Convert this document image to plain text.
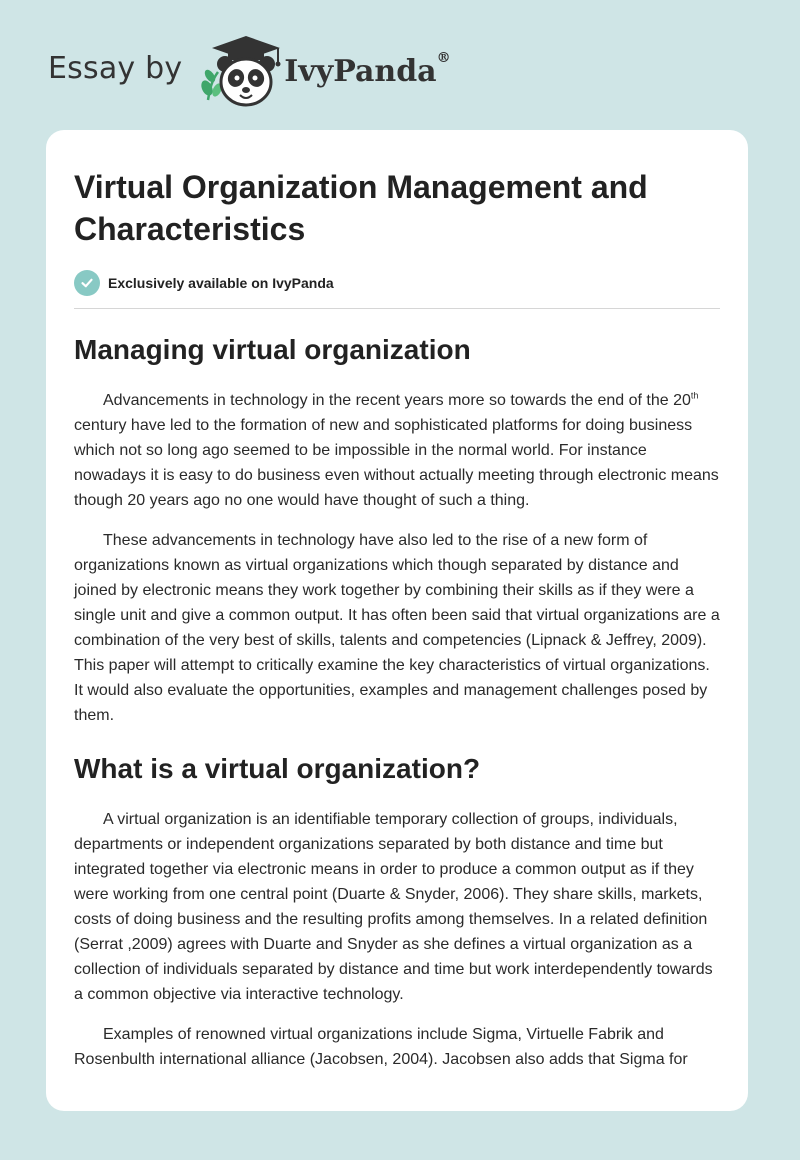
Essay by	IvyPanda®
Virtual Organization Management and Characteristics
Exclusively available on IvyPanda
Managing virtual organization

Advancements in technology in the recent years more so towards the end of the 20th century have led to the formation of new and sophisticated platforms for doing business which not so long ago seemed to be impossible in the normal world. For instance nowadays it is easy to do business even without actually meeting through electronic means though 20 years ago no one would have thought of such a thing.

These advancements in technology have also led to the rise of a new form of organizations known as virtual organizations which though separated by distance and joined by electronic means they work together by combining their skills as if they were a single unit and give a common output. It has often been said that virtual organizations are a combination of the very best of skills, talents and competencies (Lipnack & Jeffrey, 2009). This paper will attempt to critically examine the key characteristics of virtual organizations. It would also evaluate the opportunities, examples and management challenges posed by them.

What is a virtual organization?

A virtual organization is an identifiable temporary collection of groups, individuals, departments or independent organizations separated by both distance and time but integrated together via electronic means in order to produce a common output as if they were working from one central point (Duarte & Snyder, 2006). They share skills, markets, costs of doing business and the resulting profits among themselves. In a related definition (Serrat ,2009) agrees with Duarte and Snyder as she defines a virtual organization as a collection of individuals separated by distance and time but work interdependently towards a common objective via interactive technology.

Examples of renowned virtual organizations include Sigma, Virtuelle Fabrik and Rosenbulth international alliance (Jacobsen, 2004). Jacobsen also adds that Sigma for
